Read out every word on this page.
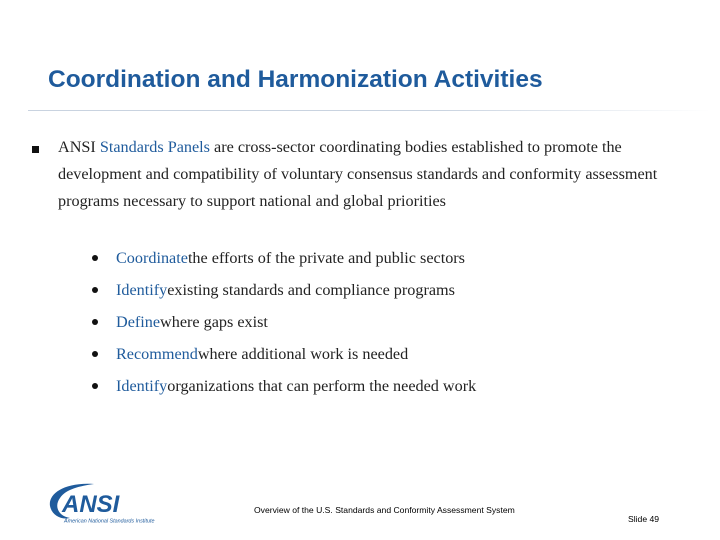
Coordination and Harmonization Activities

ANSI Standards Panels are cross-sector coordinating bodies established to promote the development and compatibility of voluntary consensus standards and conformity assessment programs necessary to support national and global priorities

Coordinate the efforts of the private and public sectors
Identify existing standards and compliance programs
Define where gaps exist
Recommend where additional work is needed
Identify organizations that can perform the needed work
ANSI
American National Standards Institute
Overview of the U.S. Standards and Conformity Assessment System
Slide 49
